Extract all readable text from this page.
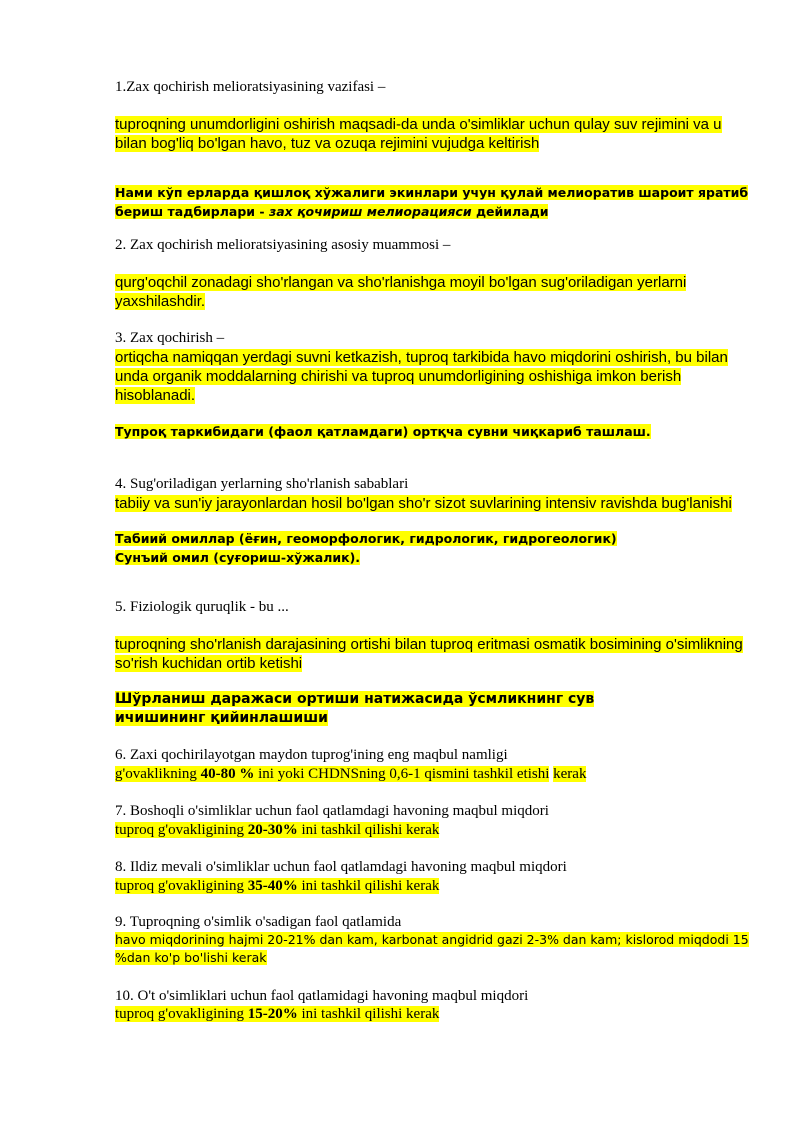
1.Zax qochirish melioratsiyasining vazifasi –

tuproqning unumdorligini oshirish maqsadi-da unda o'simliklar uchun qulay suv rejimini va u bilan bog'liq bo'lgan havo, tuz va ozuqa rejimini vujudga keltirish

Нами кўп ерларда қишлоқ хўжалиги экинлари учун қулай мелиоратив шароит яратиб бериш тадбирлари - зах қочириш мелиорацияси дейилади

2. Zax qochirish melioratsiyasining asosiy muammosi –

qurg'oqchil zonadagi sho'rlangan va sho'rlanishga moyil bo'lgan sug'oriladigan yerlarni yaxshilashdir.

3. Zax qochirish –

ortiqcha namiqqan yerdagi suvni ketkazish, tuproq tarkibida havo miqdorini oshirish, bu bilan unda organik moddalarning chirishi va tuproq unumdorligining oshishiga imkon berish hisoblanadi.

Тупроқ таркибидаги (фаол қатламдаги) ортқча сувни чиқкариб ташлаш.

4. Sug'oriladigan yerlarning sho'rlanish sabablari

tabiiy va sun'iy jarayonlardan hosil bo'lgan sho'r sizot suvlarining intensiv ravishda bug'lanishi

Табиий омиллар (ёғин, геоморфологик, гидрологик, гидрогеологик)

Сунъий омил (суғориш-хўжалик).

5. Fiziologik quruqlik - bu ...

tuproqning sho'rlanish darajasining ortishi bilan tuproq eritmasi osmatik bosimining o'simlikning so'rish kuchidan ortib ketishi

Шўрланиш даражаси ортиши натижасида ўсмликнинг сув ичишининг қийинлашиши

6. Zaxi qochirilayotgan maydon tuprog'ining eng maqbul namligi

g'ovaklikning 40-80 % ini yoki CHDNSning 0,6-1 qismini tashkil etishi kerak

7. Boshoqli o'simliklar uchun faol qatlamdagi havoning maqbul miqdori

tuproq g'ovakligining 20-30% ini tashkil qilishi kerak

8. Ildiz mevali o'simliklar uchun faol qatlamdagi havoning maqbul miqdori

tuproq g'ovakligining 35-40% ini tashkil qilishi kerak

9. Tuproqning o'simlik o'sadigan faol qatlamida

havo miqdorining hajmi 20-21% dan kam, karbonat angidrid gazi 2-3% dan kam; kislorod miqdodi 15 %dan ko'p bo'lishi kerak

10. O't o'simliklari uchun faol qatlamidagi havoning maqbul miqdori

tuproq g'ovakligining 15-20% ini tashkil qilishi kerak
